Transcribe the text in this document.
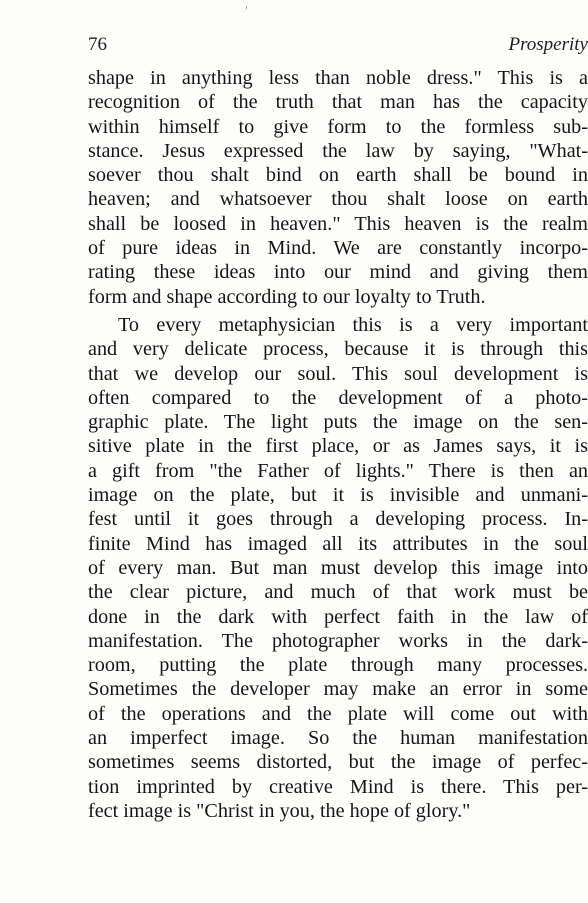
76	Prosperity
shape in anything less than noble dress." This is a
recognition of the truth that man has the capacity
within himself to give form to the formless sub-
stance. Jesus expressed the law by saying, "What-
soever thou shalt bind on earth shall be bound in
heaven; and whatsoever thou shalt loose on earth
shall be loosed in heaven." This heaven is the realm
of pure ideas in Mind. We are constantly incorpo-
rating these ideas into our mind and giving them
form and shape according to our loyalty to Truth.
To every metaphysician this is a very important
and very delicate process, because it is through this
that we develop our soul. This soul development is
often compared to the development of a photo-
graphic plate. The light puts the image on the sen-
sitive plate in the first place, or as James says, it is
a gift from "the Father of lights." There is then an
image on the plate, but it is invisible and unmani-
fest until it goes through a developing process. In-
finite Mind has imaged all its attributes in the soul
of every man. But man must develop this image into
the clear picture, and much of that work must be
done in the dark with perfect faith in the law of
manifestation. The photographer works in the dark-
room, putting the plate through many processes.
Sometimes the developer may make an error in some
of the operations and the plate will come out with
an imperfect image. So the human manifestation
sometimes seems distorted, but the image of perfec-
tion imprinted by creative Mind is there. This per-
fect image is "Christ in you, the hope of glory."
